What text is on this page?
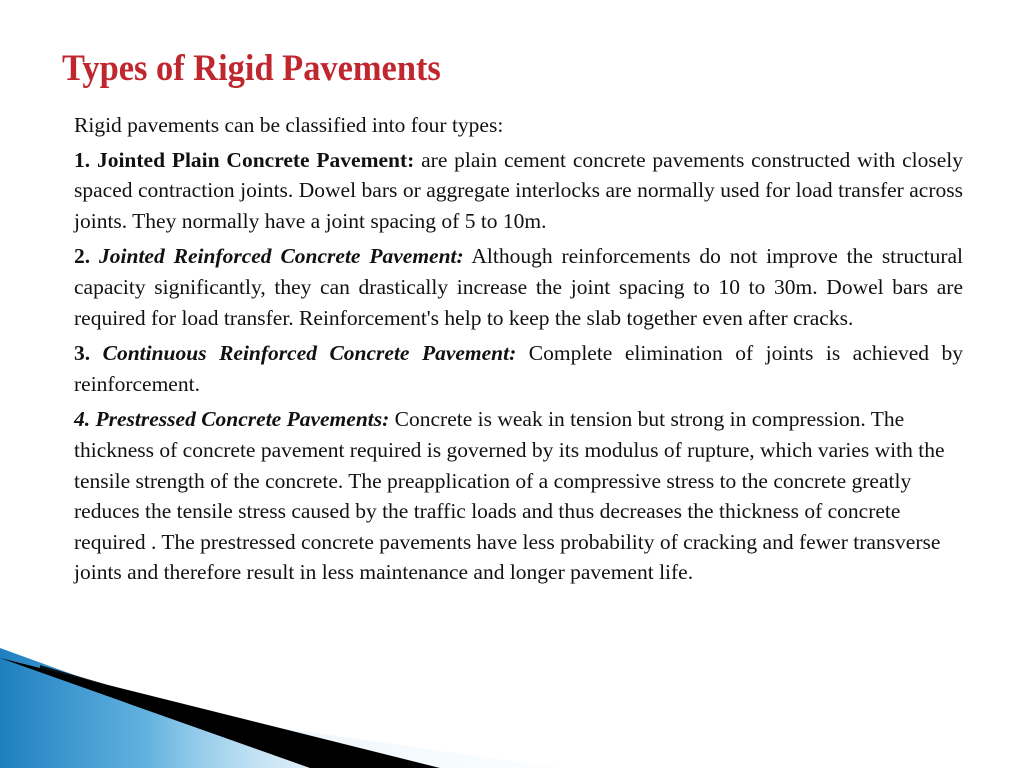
Types of Rigid Pavements

Rigid pavements can be classified into four types:

1. Jointed Plain Concrete Pavement: are plain cement concrete pavements constructed with closely spaced contraction joints. Dowel bars or aggregate interlocks are normally used for load transfer across joints. They normally have a joint spacing of 5 to 10m.

2. Jointed Reinforced Concrete Pavement: Although reinforcements do not improve the structural capacity significantly, they can drastically increase the joint spacing to 10 to 30m. Dowel bars are required for load transfer. Reinforcement's help to keep the slab together even after cracks.

3. Continuous Reinforced Concrete Pavement: Complete elimination of joints is achieved by reinforcement.

4. Prestressed Concrete Pavements: Concrete is weak in tension but strong in compression. The thickness of concrete pavement required is governed by its modulus of rupture, which varies with the tensile strength of the concrete. The preapplication of a compressive stress to the concrete greatly reduces the tensile stress caused by the traffic loads and thus decreases the thickness of concrete required . The prestressed concrete pavements have less probability of cracking and fewer transverse joints and therefore result in less maintenance and longer pavement life.
